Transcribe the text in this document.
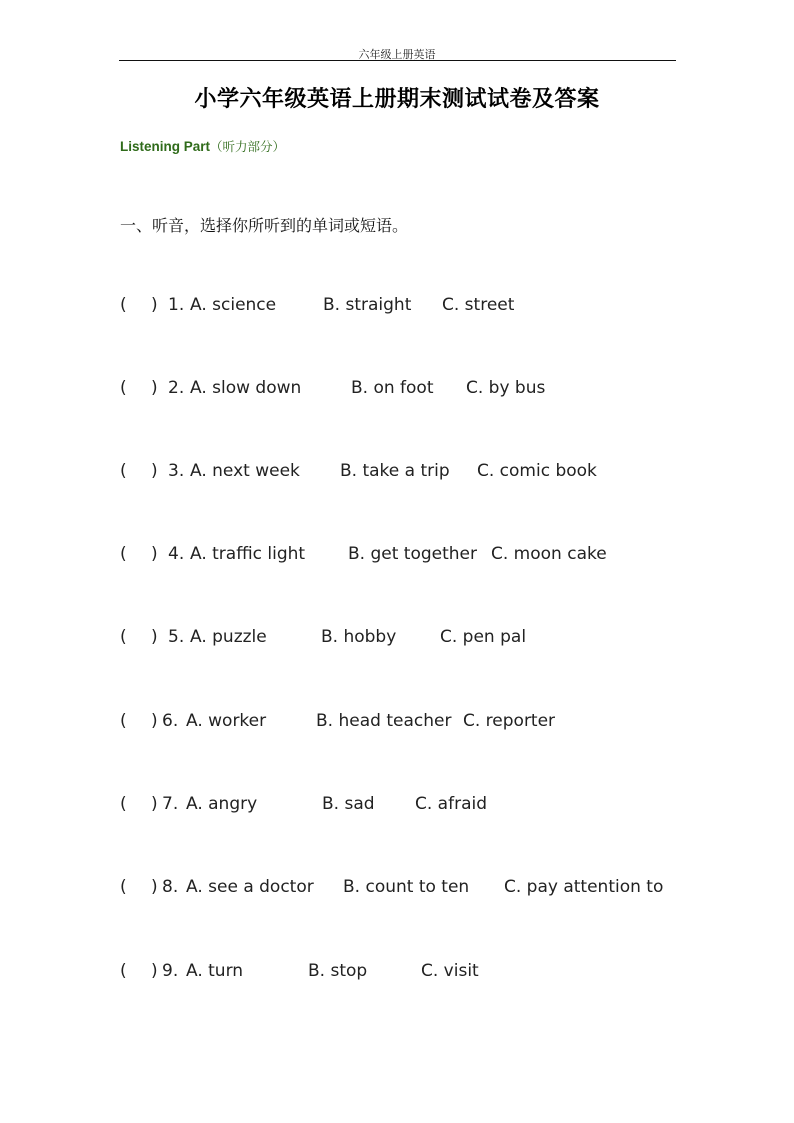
六年级上册英语
小学六年级英语上册期末测试试卷及答案
Listening Part（听力部分）
一、听音，选择你所听到的单词或短语。
( ) 1. A. science	B. straight C. street
( ) 2. A. slow down	B. on foot C. by bus
( ) 3. A. next week B. take a trip C. comic book
( ) 4. A. traffic light	B. get together C. moon cake
( ) 5. A. puzzle	B. hobby	C. pen pal
( ) 6. A. worker	B. head teacher C. reporter
( ) 7. A. angry	B. sad C. afraid
( ) 8. A. see a doctor B. count to ten C. pay attention to
( ) 9. A. turn	B. stop	C. visit
